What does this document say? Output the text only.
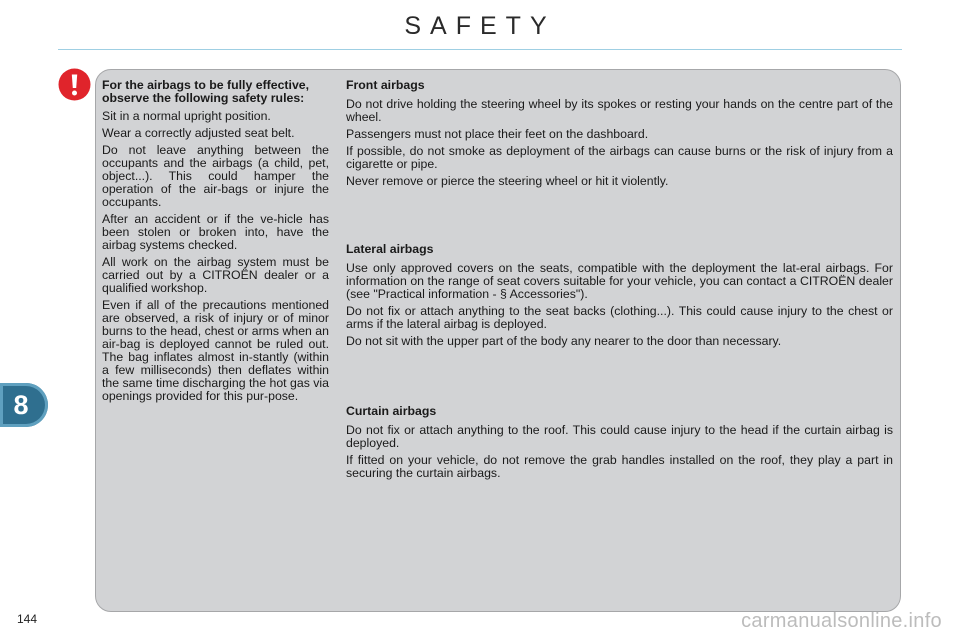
SAFETY

For the airbags to be fully effective, observe the following safety rules:

Sit in a normal upright position.

Wear a correctly adjusted seat belt.

Do not leave anything between the occupants and the airbags (a child, pet, object...). This could hamper the operation of the air-bags or injure the occupants.

After an accident or if the ve-hicle has been stolen or broken into, have the airbag systems checked.

All work on the airbag system must be carried out by a CITROËN dealer or a qualified workshop.

Even if all of the precautions mentioned are observed, a risk of injury or of minor burns to the head, chest or arms when an air-bag is deployed cannot be ruled out. The bag inflates almost in-stantly (within a few milliseconds) then deflates within the same time discharging the hot gas via openings provided for this pur-pose.

Front airbags

Do not drive holding the steering wheel by its spokes or resting your hands on the centre part of the wheel.

Passengers must not place their feet on the dashboard.

If possible, do not smoke as deployment of the airbags can cause burns or the risk of injury from a cigarette or pipe.

Never remove or pierce the steering wheel or hit it violently.

Lateral airbags

Use only approved covers on the seats, compatible with the deployment the lat-eral airbags. For information on the range of seat covers suitable for your vehicle, you can contact a CITROËN dealer (see "Practical information - § Accessories").

Do not fix or attach anything to the seat backs (clothing...). This could cause injury to the chest or arms if the lateral airbag is deployed.

Do not sit with the upper part of the body any nearer to the door than necessary.

Curtain airbags

Do not fix or attach anything to the roof. This could cause injury to the head if the curtain airbag is deployed.

If fitted on your vehicle, do not remove the grab handles installed on the roof, they play a part in securing the curtain airbags.

8
144	carmanualsonline.info
